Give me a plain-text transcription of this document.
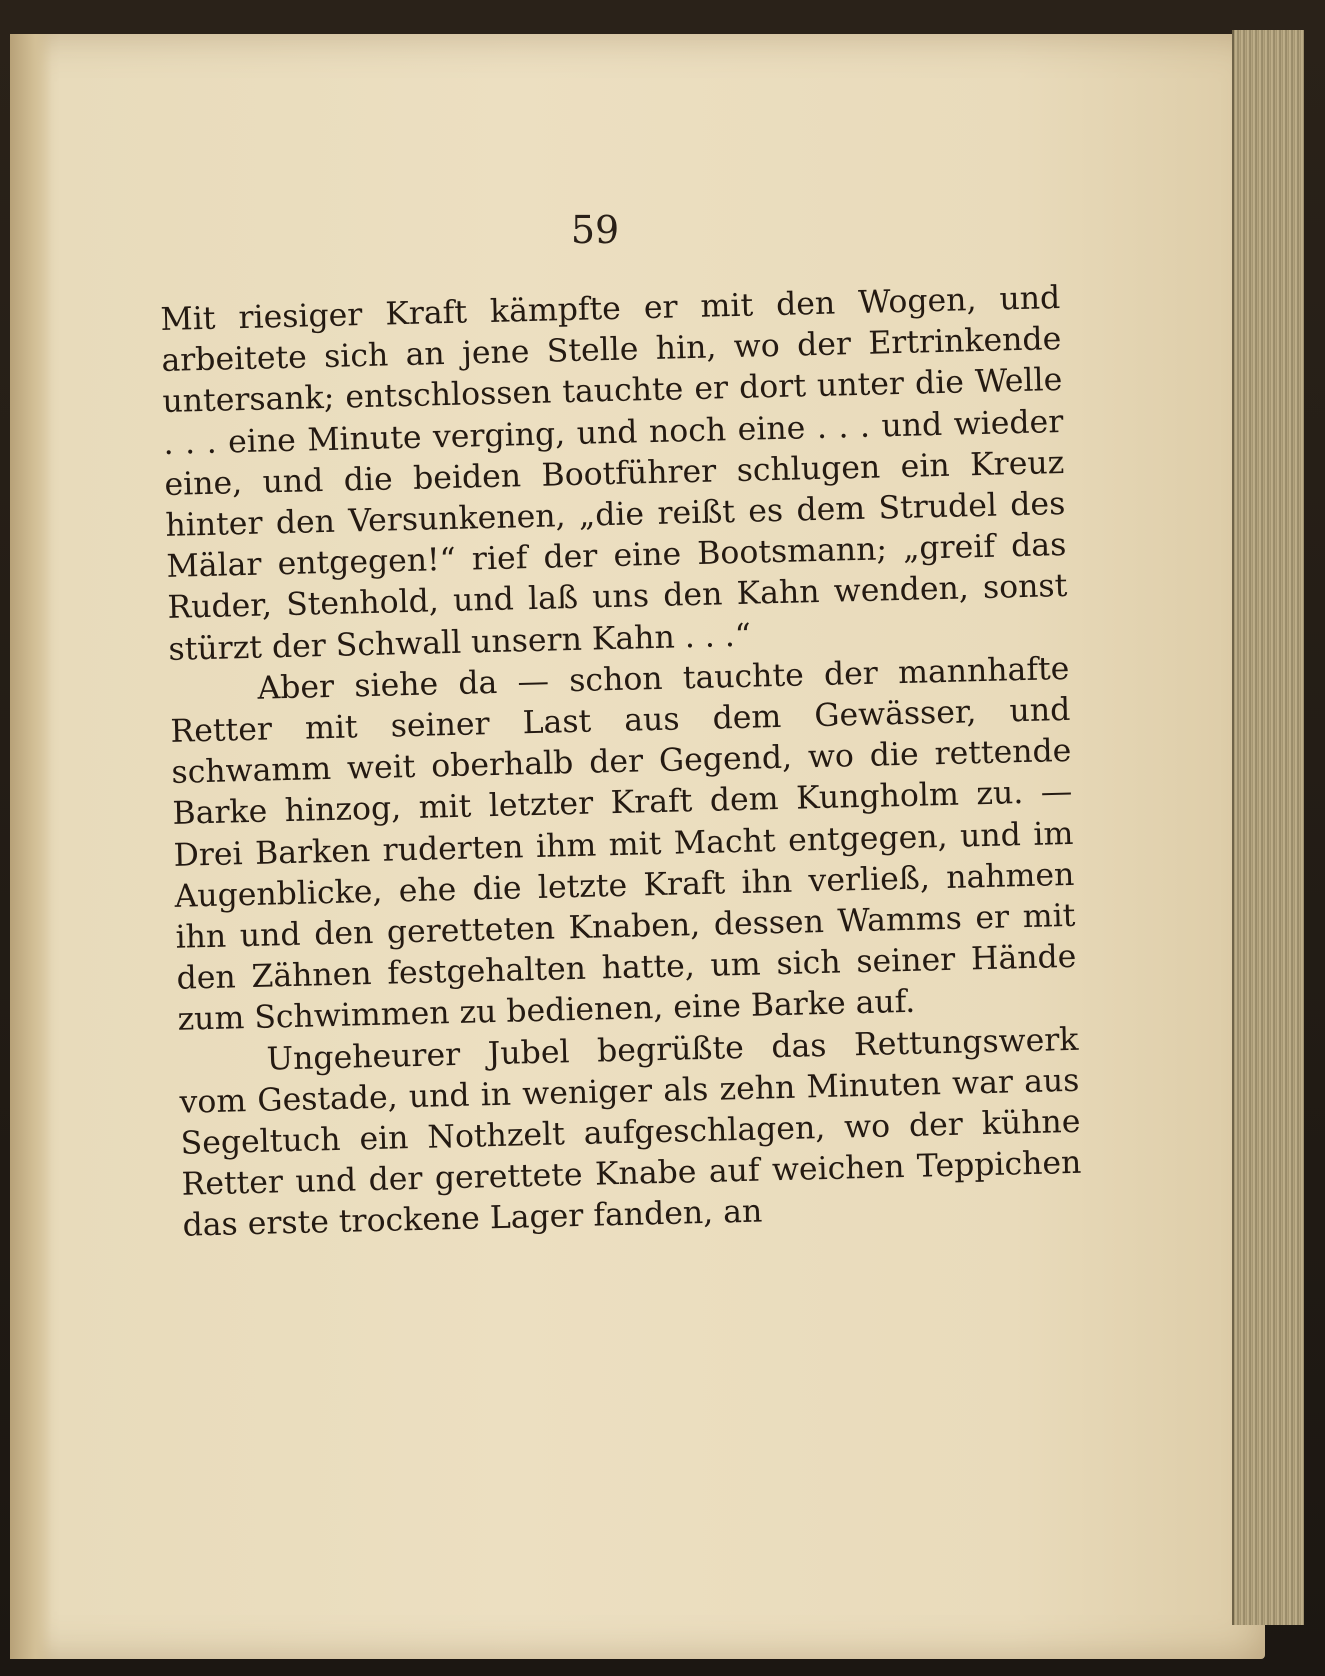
59

Mit riesiger Kraft kämpfte er mit den Wogen, und arbeitete sich an jene Stelle hin, wo der Ertrinkende untersank; entschlossen tauchte er dort unter die Welle . . . eine Minute verging, und noch eine . . . und wieder eine, und die beiden Bootführer schlugen ein Kreuz hinter den Versunkenen, „die reißt es dem Strudel des Mälar entgegen!“ rief der eine Bootsmann; „greif das Ruder, Stenhold, und laß uns den Kahn wenden, sonst stürzt der Schwall unsern Kahn . . .“

Aber siehe da — schon tauchte der mannhafte Retter mit seiner Last aus dem Gewässer, und schwamm weit oberhalb der Gegend, wo die rettende Barke hinzog, mit letzter Kraft dem Kungholm zu. — Drei Barken ruderten ihm mit Macht entgegen, und im Augenblicke, ehe die letzte Kraft ihn verließ, nahmen ihn und den geretteten Knaben, dessen Wamms er mit den Zähnen festgehalten hatte, um sich seiner Hände zum Schwimmen zu bedienen, eine Barke auf.

Ungeheurer Jubel begrüßte das Rettungswerk vom Gestade, und in weniger als zehn Minuten war aus Segeltuch ein Nothzelt aufgeschlagen, wo der kühne Retter und der gerettete Knabe auf weichen Teppichen das erste trockene Lager fanden, an
